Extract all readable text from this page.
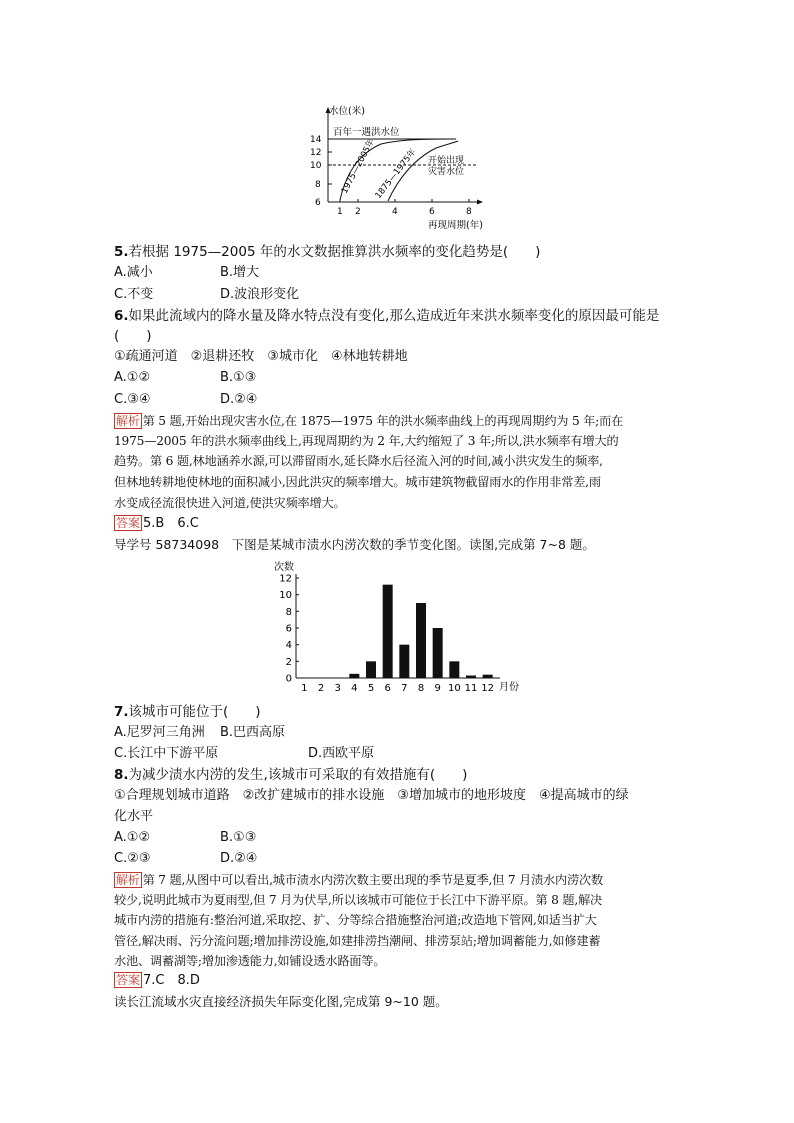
水位(米)
再现周期(年)
14
12
10
8
6
1 2	4	6	8
百年一遇洪水位
1975—2005年
1875—1975年 开始出现
灾害水位
5.若根据 1975—2005 年的水文数据推算洪水频率的变化趋势是(　　)
A.减小	B.增大
C.不变	D.波浪形变化
6.如果此流域内的降水量及降水特点没有变化,那么造成近年来洪水频率变化的原因最可能是
(　　)
①疏通河道　②退耕还牧　③城市化　④林地转耕地
A.①②	B.①③
C.③④	D.②④
解析 第 5 题,开始出现灾害水位,在 1875—1975 年的洪水频率曲线上的再现周期约为 5 年;而在
1975—2005 年的洪水频率曲线上,再现周期约为 2 年,大约缩短了 3 年;所以,洪水频率有增大的
趋势。第 6 题,林地涵养水源,可以滞留雨水,延长降水后径流入河的时间,减小洪灾发生的频率,
但林地转耕地使林地的面积减小,因此洪灾的频率增大。城市建筑物截留雨水的作用非常差,雨
水变成径流很快进入河道,使洪灾频率增大。
答案 5.B　6.C
导学号 58734098　下图是某城市渍水内涝次数的季节变化图。读图,完成第 7~8 题。
次数
月份
12
10
8
6
4
2
0
1 2 3 4 5 6 7 8 9 10 11 12
7.该城市可能位于(　　)
A.尼罗河三角洲 B.巴西高原
C.长江中下游平原	D.西欧平原
8.为减少渍水内涝的发生,该城市可采取的有效措施有(　　)
①合理规划城市道路　②改扩建城市的排水设施　③增加城市的地形坡度　④提高城市的绿
化水平
A.①②	B.①③
C.②③	D.②④
解析 第 7 题,从图中可以看出,城市渍水内涝次数主要出现的季节是夏季,但 7 月渍水内涝次数
较少,说明此城市为夏雨型,但 7 月为伏旱,所以该城市可能位于长江中下游平原。第 8 题,解决
城市内涝的措施有:整治河道,采取挖、扩、分等综合措施整治河道;改造地下管网,如适当扩大
管径,解决雨、污分流问题;增加排涝设施,如建排涝挡潮闸、排涝泵站;增加调蓄能力,如修建蓄
水池、调蓄湖等;增加渗透能力,如铺设透水路面等。
答案 7.C　8.D
读长江流域水灾直接经济损失年际变化图,完成第 9~10 题。
